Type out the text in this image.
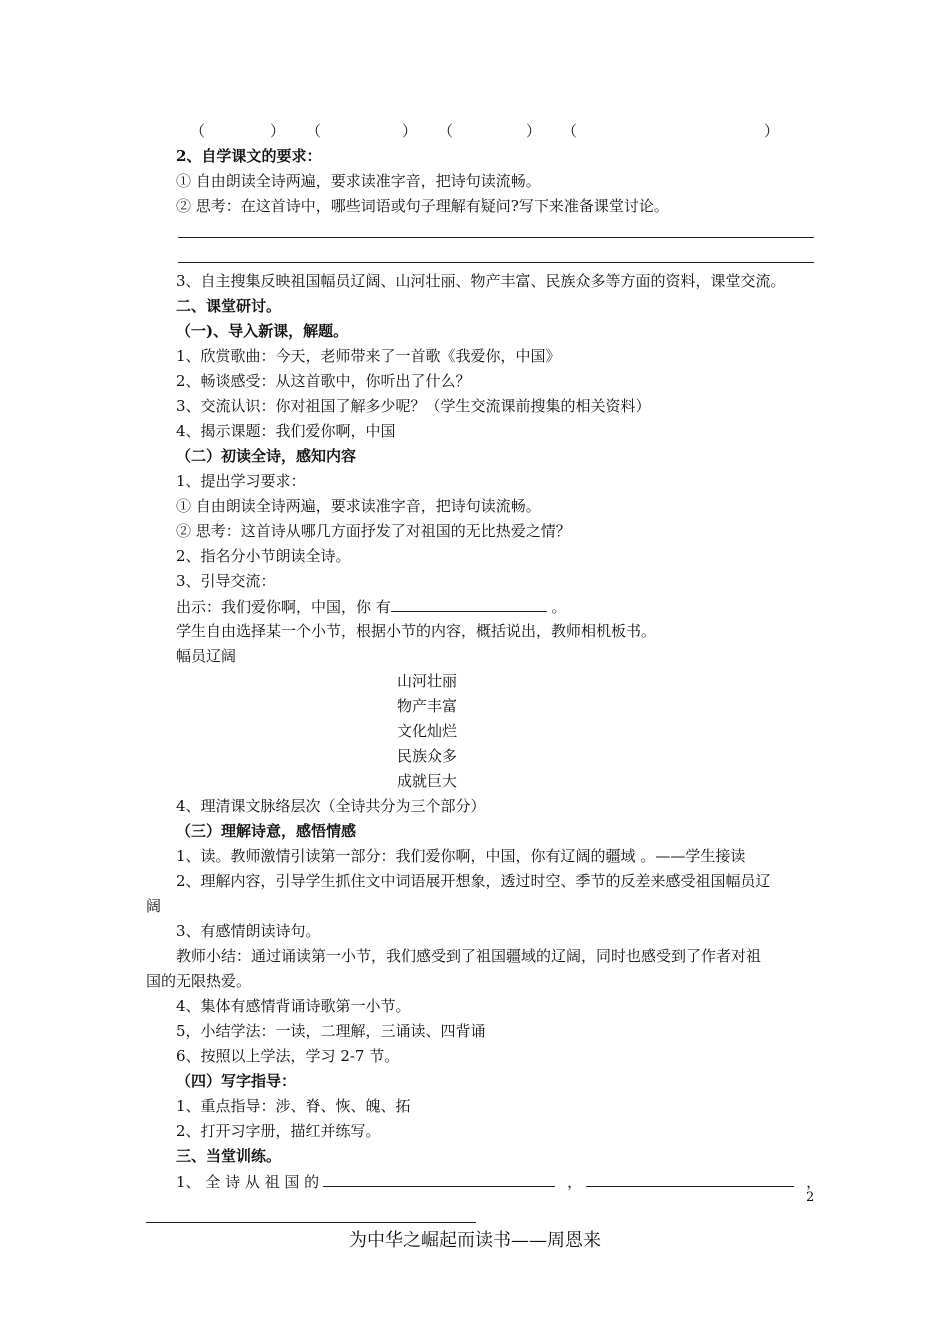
（	） （	） （	） （	）
2、自学课文的要求：
① 自由朗读全诗两遍，要求读准字音，把诗句读流畅。
② 思考：在这首诗中，哪些词语或句子理解有疑问?写下来准备课堂讨论。
3、自主搜集反映祖国幅员辽阔、山河壮丽、物产丰富、民族众多等方面的资料，课堂交流。
二、课堂研讨。
（一)、导入新课，解题。
1、欣赏歌曲：今天，老师带来了一首歌《我爱你，中国》
2、畅谈感受：从这首歌中，你听出了什么？
3、交流认识：你对祖国了解多少呢？（学生交流课前搜集的相关资料）
4、揭示课题：我们爱你啊，中国
（二）初读全诗，感知内容
1、提出学习要求：
① 自由朗读全诗两遍，要求读准字音，把诗句读流畅。
② 思考：这首诗从哪几方面抒发了对祖国的无比热爱之情？
2、指名分小节朗读全诗。
3、引导交流：
出示：我们爱你啊，中国，你 有	。
学生自由选择某一个小节，根据小节的内容，概括说出，教师相机板书。
幅员辽阔
山河壮丽
物产丰富
文化灿烂
民族众多
成就巨大
4、理清课文脉络层次（全诗共分为三个部分）
（三）理解诗意，感悟情感
1、读。教师激情引读第一部分：我们爱你啊，中国，你有辽阔的疆域 。——学生接读
2、理解内容，引导学生抓住文中词语展开想象，透过时空、季节的反差来感受祖国幅员辽
阔
3、有感情朗读诗句。
教师小结：通过诵读第一小节，我们感受到了祖国疆域的辽阔，同时也感受到了作者对祖
国的无限热爱。
4、集体有感情背诵诗歌第一小节。
5，小结学法：一读，二理解，三诵读、四背诵
6、按照以上学法，学习 2-7 节。
（四）写字指导：
1、重点指导：涉、脊、恢、魄、拓
2、打开习字册，描红并练写。
三、当堂训练。
1、 全 诗 从 祖 国 的	，	，
2
为中华之崛起而读书——周恩来
